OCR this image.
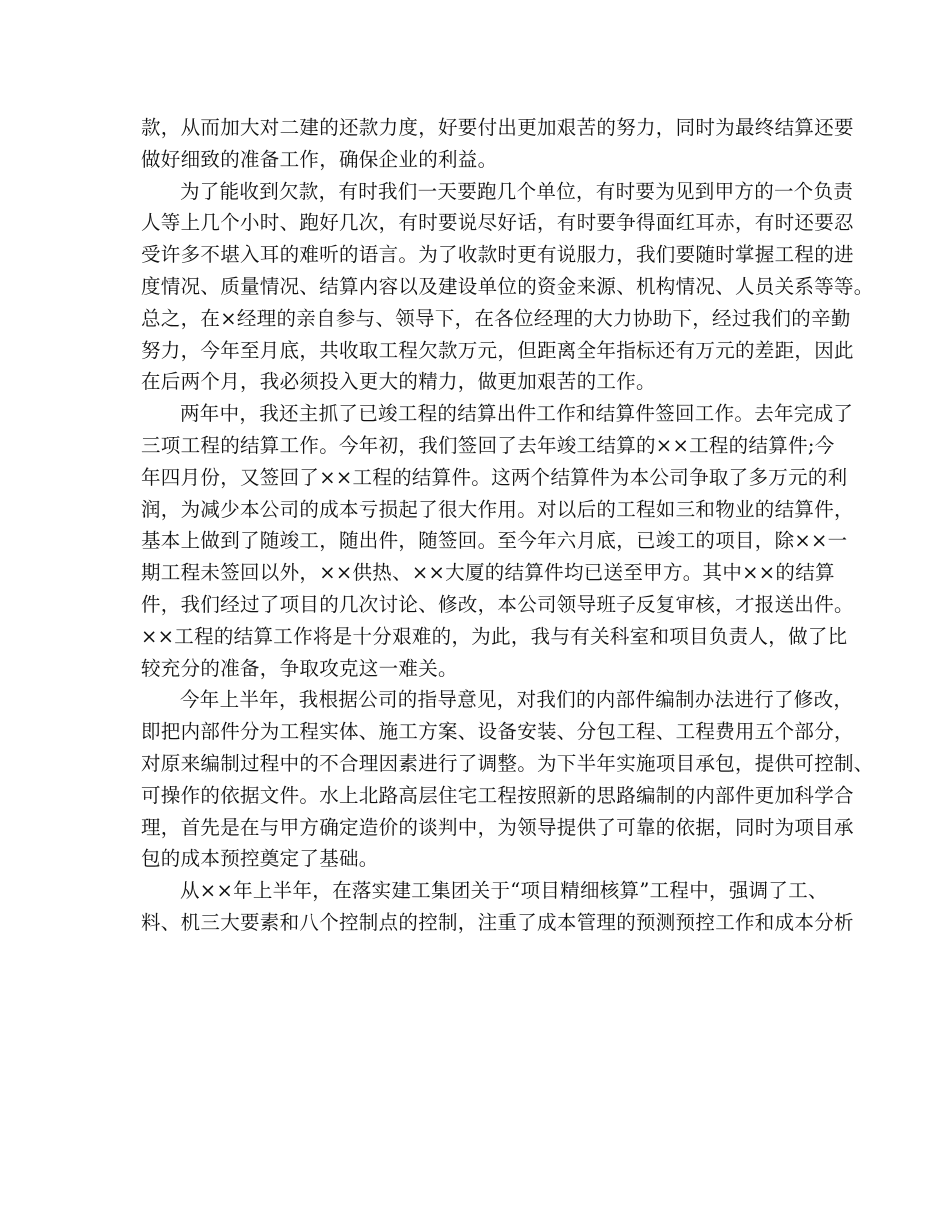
款，从而加大对二建的还款力度，好要付出更加艰苦的努力，同时为最终结算还要
做好细致的准备工作，确保企业的利益。
为了能收到欠款，有时我们一天要跑几个单位，有时要为见到甲方的一个负责
人等上几个小时、跑好几次，有时要说尽好话，有时要争得面红耳赤，有时还要忍
受许多不堪入耳的难听的语言。为了收款时更有说服力，我们要随时掌握工程的进
度情况、质量情况、结算内容以及建设单位的资金来源、机构情况、人员关系等等。
总之，在×经理的亲自参与、领导下，在各位经理的大力协助下，经过我们的辛勤
努力，今年至月底，共收取工程欠款万元，但距离全年指标还有万元的差距，因此
在后两个月，我必须投入更大的精力，做更加艰苦的工作。
两年中，我还主抓了已竣工程的结算出件工作和结算件签回工作。去年完成了
三项工程的结算工作。今年初，我们签回了去年竣工结算的××工程的结算件;今
年四月份，又签回了××工程的结算件。这两个结算件为本公司争取了多万元的利
润，为减少本公司的成本亏损起了很大作用。对以后的工程如三和物业的结算件，
基本上做到了随竣工，随出件，随签回。至今年六月底，已竣工的项目，除××一
期工程未签回以外，××供热、××大厦的结算件均已送至甲方。其中××的结算
件，我们经过了项目的几次讨论、修改，本公司领导班子反复审核，才报送出件。
××工程的结算工作将是十分艰难的，为此，我与有关科室和项目负责人，做了比
较充分的准备，争取攻克这一难关。
今年上半年，我根据公司的指导意见，对我们的内部件编制办法进行了修改，
即把内部件分为工程实体、施工方案、设备安装、分包工程、工程费用五个部分，
对原来编制过程中的不合理因素进行了调整。为下半年实施项目承包，提供可控制、
可操作的依据文件。水上北路高层住宅工程按照新的思路编制的内部件更加科学合
理，首先是在与甲方确定造价的谈判中，为领导提供了可靠的依据，同时为项目承
包的成本预控奠定了基础。
从××年上半年，在落实建工集团关于“项目精细核算”工程中，强调了工、
料、机三大要素和八个控制点的控制，注重了成本管理的预测预控工作和成本分析
